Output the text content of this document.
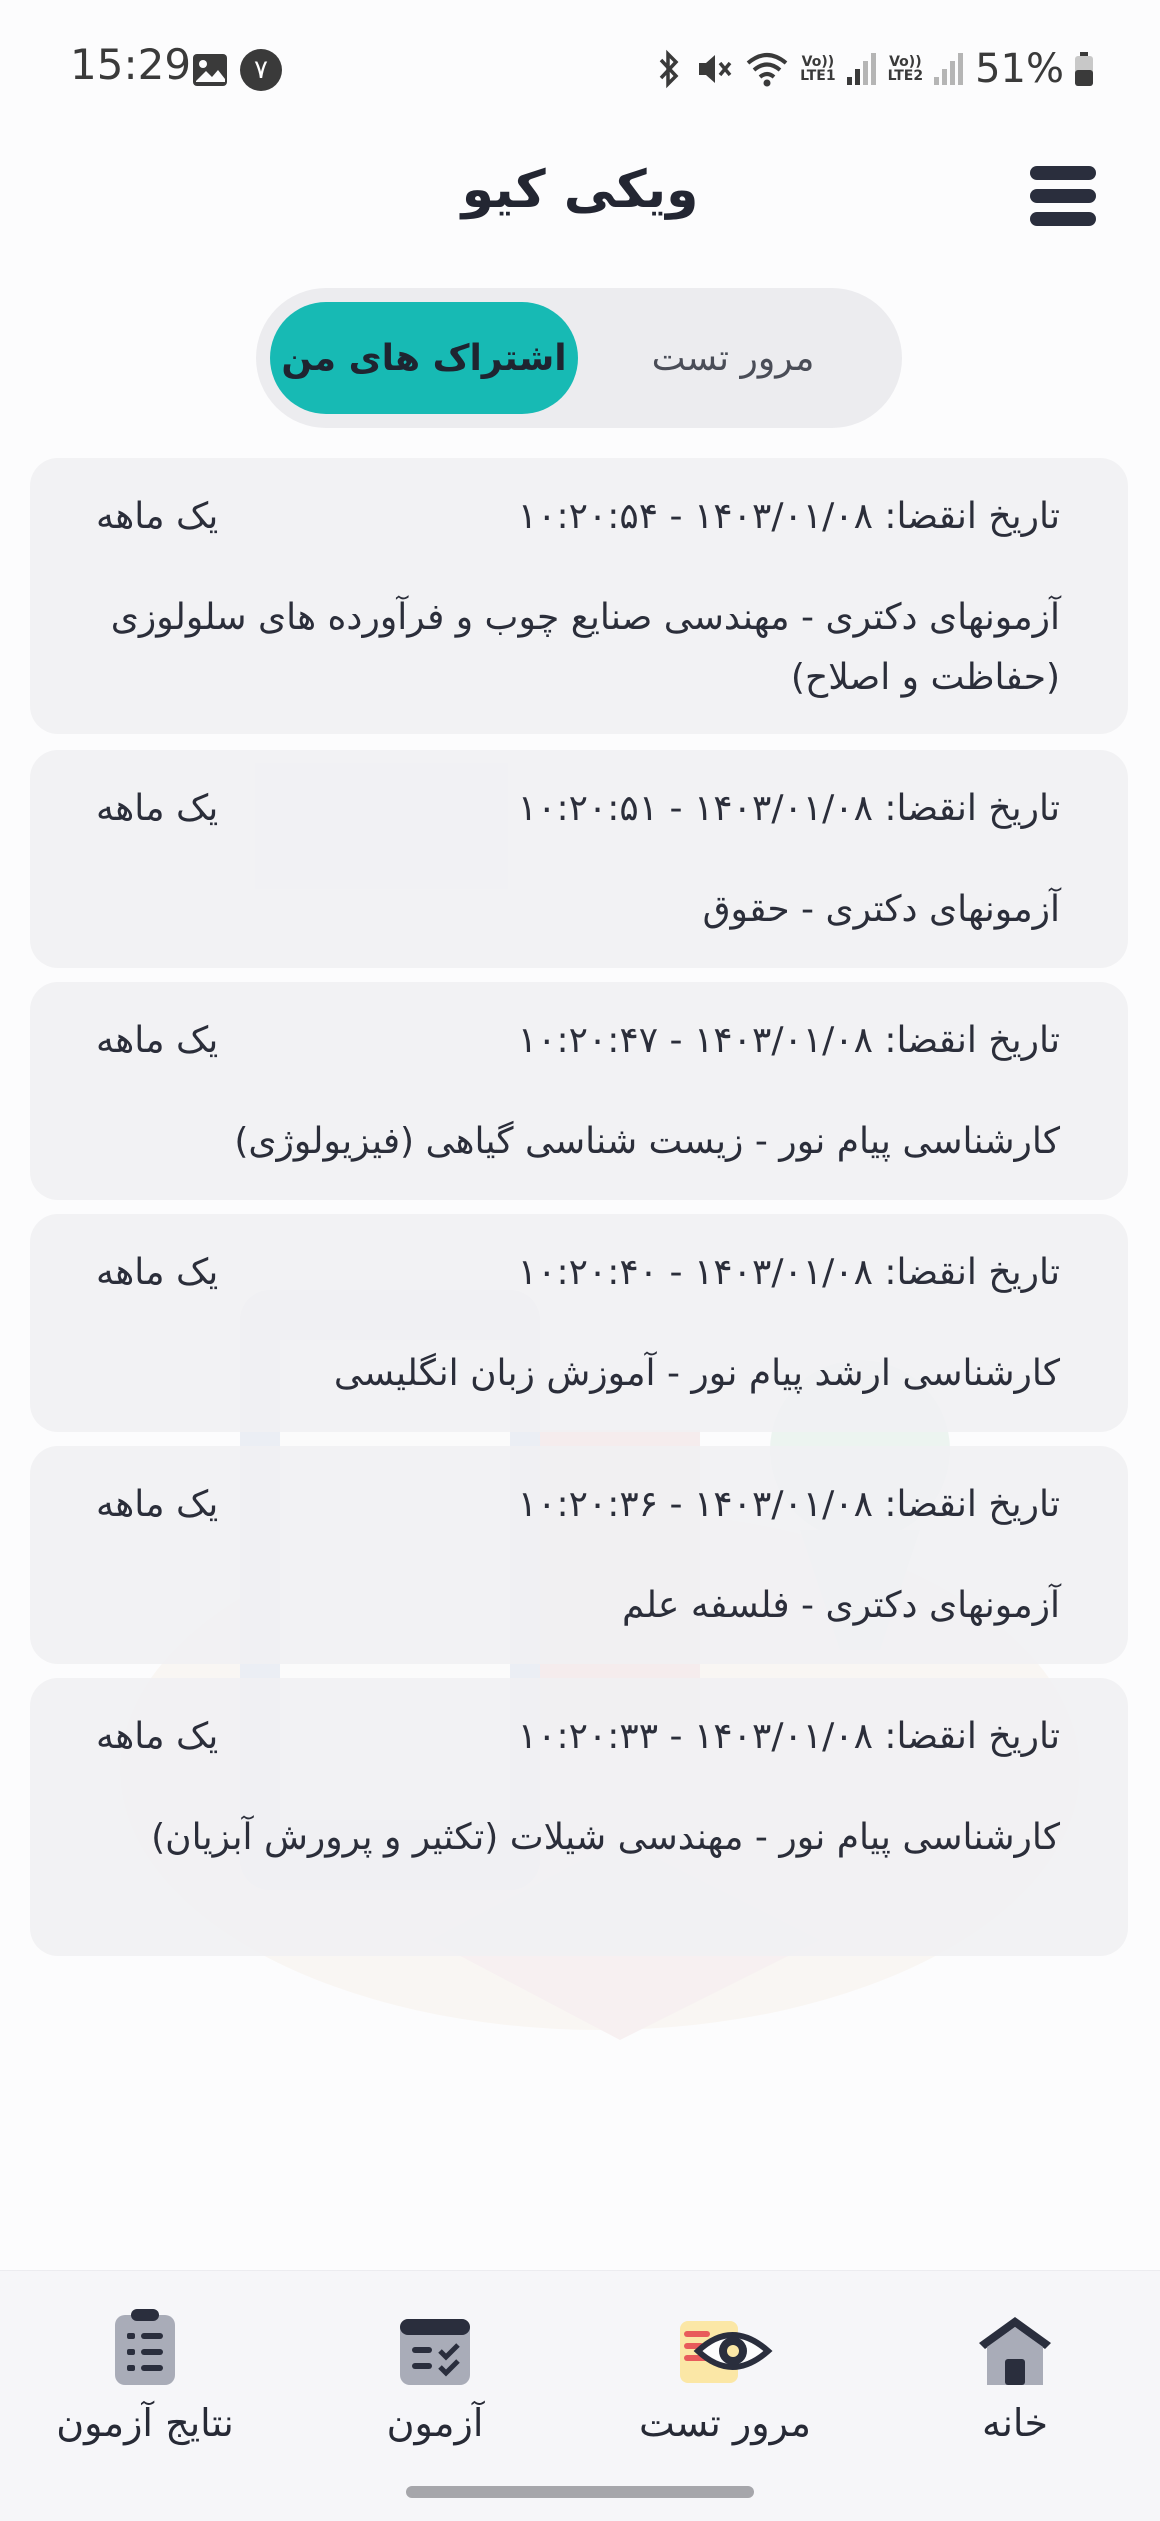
15:29	۷	Vo))
LTE1
Vo))
LTE2 51%
ویکی کیو
اشتراک های من	مرور تست
تاریخ انقضا: ۱۴۰۳/۰۱/۰۸ - ۱۰:۲۰:۵۴
یک ماهه
آزمونهای دکتری - مهندسی صنایع چوب و فرآورده های سلولوزی (حفاظت و اصلاح)
تاریخ انقضا: ۱۴۰۳/۰۱/۰۸ - ۱۰:۲۰:۵۱
یک ماهه
آزمونهای دکتری - حقوق
تاریخ انقضا: ۱۴۰۳/۰۱/۰۸ - ۱۰:۲۰:۴۷
یک ماهه
کارشناسی پیام نور - زیست شناسی گیاهی (فیزیولوژی)
تاریخ انقضا: ۱۴۰۳/۰۱/۰۸ - ۱۰:۲۰:۴۰
یک ماهه
کارشناسی ارشد پیام نور - آموزش زبان انگلیسی
تاریخ انقضا: ۱۴۰۳/۰۱/۰۸ - ۱۰:۲۰:۳۶
یک ماهه
آزمونهای دکتری - فلسفه علم
تاریخ انقضا: ۱۴۰۳/۰۱/۰۸ - ۱۰:۲۰:۳۳
یک ماهه
کارشناسی پیام نور - مهندسی شیلات (تکثیر و پرورش آبزیان)
خانه
مرور تست
آزمون
نتایج آزمون
